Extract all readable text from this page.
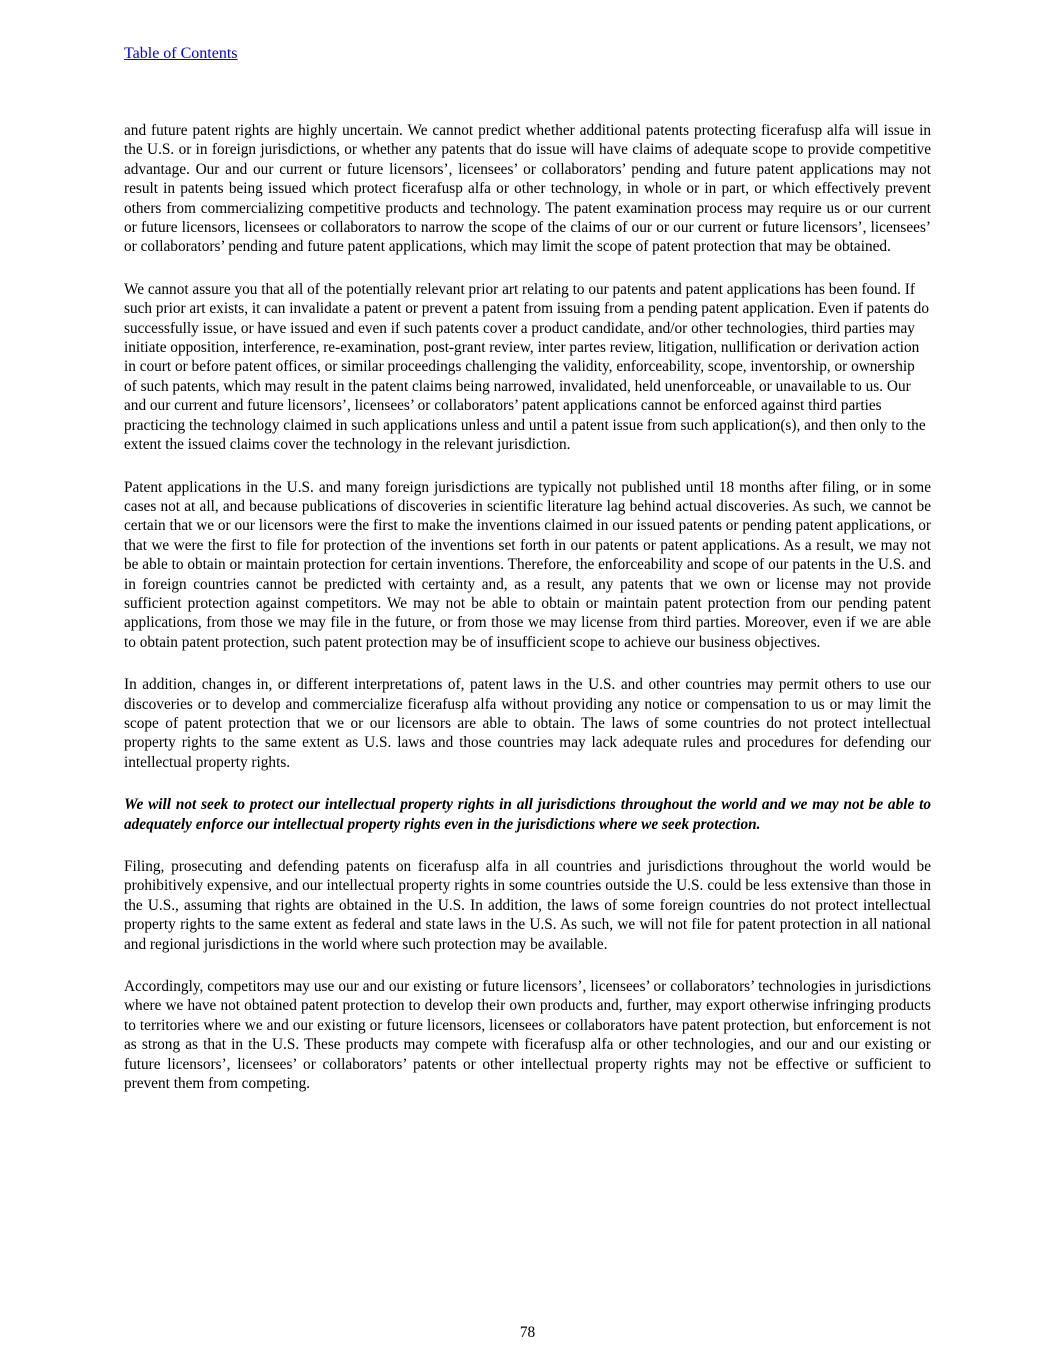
Table of Contents

and future patent rights are highly uncertain. We cannot predict whether additional patents protecting ficerafusp alfa will issue in the U.S. or in foreign jurisdictions, or whether any patents that do issue will have claims of adequate scope to provide competitive advantage. Our and our current or future licensors’, licensees’ or collaborators’ pending and future patent applications may not result in patents being issued which protect ficerafusp alfa or other technology, in whole or in part, or which effectively prevent others from commercializing competitive products and technology. The patent examination process may require us or our current or future licensors, licensees or collaborators to narrow the scope of the claims of our or our current or future licensors’, licensees’ or collaborators’ pending and future patent applications, which may limit the scope of patent protection that may be obtained.

We cannot assure you that all of the potentially relevant prior art relating to our patents and patent applications has been found. If such prior art exists, it can invalidate a patent or prevent a patent from issuing from a pending patent application. Even if patents do successfully issue, or have issued and even if such patents cover a product candidate, and/or other technologies, third parties may initiate opposition, interference, re-examination, post-grant review, inter partes review, litigation, nullification or derivation action in court or before patent offices, or similar proceedings challenging the validity, enforceability, scope, inventorship, or ownership of such patents, which may result in the patent claims being narrowed, invalidated, held unenforceable, or unavailable to us. Our and our current and future licensors’, licensees’ or collaborators’ patent applications cannot be enforced against third parties practicing the technology claimed in such applications unless and until a patent issue from such application(s), and then only to the extent the issued claims cover the technology in the relevant jurisdiction.

Patent applications in the U.S. and many foreign jurisdictions are typically not published until 18 months after filing, or in some cases not at all, and because publications of discoveries in scientific literature lag behind actual discoveries. As such, we cannot be certain that we or our licensors were the first to make the inventions claimed in our issued patents or pending patent applications, or that we were the first to file for protection of the inventions set forth in our patents or patent applications. As a result, we may not be able to obtain or maintain protection for certain inventions. Therefore, the enforceability and scope of our patents in the U.S. and in foreign countries cannot be predicted with certainty and, as a result, any patents that we own or license may not provide sufficient protection against competitors. We may not be able to obtain or maintain patent protection from our pending patent applications, from those we may file in the future, or from those we may license from third parties. Moreover, even if we are able to obtain patent protection, such patent protection may be of insufficient scope to achieve our business objectives.

In addition, changes in, or different interpretations of, patent laws in the U.S. and other countries may permit others to use our discoveries or to develop and commercialize ficerafusp alfa without providing any notice or compensation to us or may limit the scope of patent protection that we or our licensors are able to obtain. The laws of some countries do not protect intellectual property rights to the same extent as U.S. laws and those countries may lack adequate rules and procedures for defending our intellectual property rights.

We will not seek to protect our intellectual property rights in all jurisdictions throughout the world and we may not be able to adequately enforce our intellectual property rights even in the jurisdictions where we seek protection.

Filing, prosecuting and defending patents on ficerafusp alfa in all countries and jurisdictions throughout the world would be prohibitively expensive, and our intellectual property rights in some countries outside the U.S. could be less extensive than those in the U.S., assuming that rights are obtained in the U.S. In addition, the laws of some foreign countries do not protect intellectual property rights to the same extent as federal and state laws in the U.S. As such, we will not file for patent protection in all national and regional jurisdictions in the world where such protection may be available.

Accordingly, competitors may use our and our existing or future licensors’, licensees’ or collaborators’ technologies in jurisdictions where we have not obtained patent protection to develop their own products and, further, may export otherwise infringing products to territories where we and our existing or future licensors, licensees or collaborators have patent protection, but enforcement is not as strong as that in the U.S. These products may compete with ficerafusp alfa or other technologies, and our and our existing or future licensors’, licensees’ or collaborators’ patents or other intellectual property rights may not be effective or sufficient to prevent them from competing.

78
